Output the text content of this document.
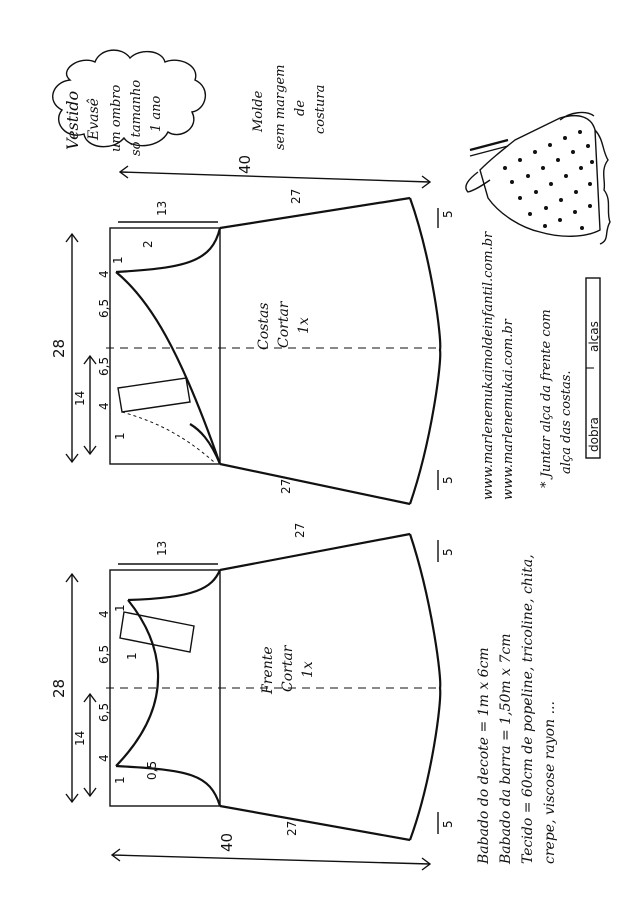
Vestido Evasê um ombro só tamanho 1 ano	Molde sem margem de costura
40
40
Costas Cortar 1x
28
14
4
6,5
6,5
4
1
1
2
13
27
27
5
5
Frente Cortar 1x
28
14
4
6,5
6,5
4
1
1
1
0,5
13
27
27
5
5
www.marlenemukaimoldeinfantil.com.br www.marlenemukai.com.br * Juntar alça da frente com alça das costas. dobra
alças
Babado do decote = 1m x 6cm Babado da barra = 1,50m x 7cm Tecido = 60cm de popeline, tricoline, chita, crepe, viscose rayon ...
